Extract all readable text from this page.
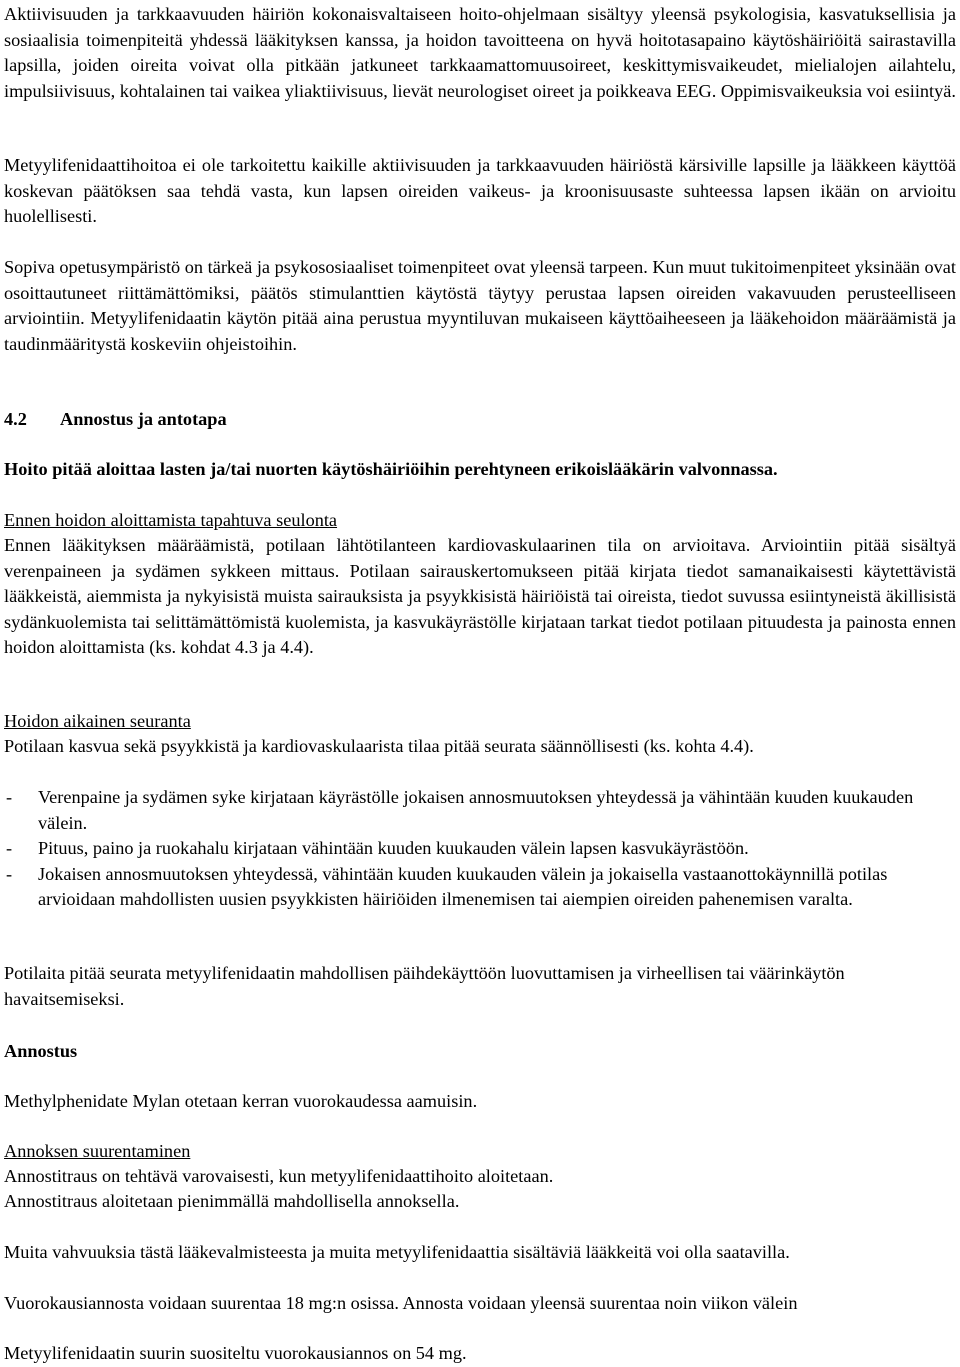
Aktiivisuuden ja tarkkaavuuden häiriön kokonaisvaltaiseen hoito-ohjelmaan sisältyy yleensä psykologisia, kasvatuksellisia ja sosiaalisia toimenpiteitä yhdessä lääkityksen kanssa, ja hoidon tavoitteena on hyvä hoitotasapaino käytöshäiriöitä sairastavilla lapsilla, joiden oireita voivat olla pitkään jatkuneet tarkkaamattomuusoireet, keskittymisvaikeudet, mielialojen ailahtelu, impulsiivisuus, kohtalainen tai vaikea yliaktiivisuus, lievät neurologiset oireet ja poikkeava EEG. Oppimisvaikeuksia voi esiintyä.

Metyylifenidaattihoitoa ei ole tarkoitettu kaikille aktiivisuuden ja tarkkaavuuden häiriöstä kärsiville lapsille ja lääkkeen käyttöä koskevan päätöksen saa tehdä vasta, kun lapsen oireiden vaikeus- ja kroonisuusaste suhteessa lapsen ikään on arvioitu huolellisesti.

Sopiva opetusympäristö on tärkeä ja psykososiaaliset toimenpiteet ovat yleensä tarpeen. Kun muut tukitoimenpiteet yksinään ovat osoittautuneet riittämättömiksi, päätös stimulanttien käytöstä täytyy perustaa lapsen oireiden vakavuuden perusteelliseen arviointiin. Metyylifenidaatin käytön pitää aina perustua myyntiluvan mukaiseen käyttöaiheeseen ja lääkehoidon määräämistä ja taudinmääritystä koskeviin ohjeistoihin.

4.2 Annostus ja antotapa

Hoito pitää aloittaa lasten ja/tai nuorten käytöshäiriöihin perehtyneen erikoislääkärin valvonnassa.

Ennen hoidon aloittamista tapahtuva seulonta

Ennen lääkityksen määräämistä, potilaan lähtötilanteen kardiovaskulaarinen tila on arvioitava. Arviointiin pitää sisältyä verenpaineen ja sydämen sykkeen mittaus. Potilaan sairauskertomukseen pitää kirjata tiedot samanaikaisesti käytettävistä lääkkeistä, aiemmista ja nykyisistä muista sairauksista ja psyykkisistä häiriöistä tai oireista, tiedot suvussa esiintyneistä äkillisistä sydänkuolemista tai selittämättömistä kuolemista, ja kasvukäyrästölle kirjataan tarkat tiedot potilaan pituudesta ja painosta ennen hoidon aloittamista (ks. kohdat 4.3 ja 4.4).

Hoidon aikainen seuranta

Potilaan kasvua sekä psyykkistä ja kardiovaskulaarista tilaa pitää seurata säännöllisesti (ks. kohta 4.4).

- Verenpaine ja sydämen syke kirjataan käyrästölle jokaisen annosmuutoksen yhteydessä ja vähintään kuuden kuukauden välein.
- Pituus, paino ja ruokahalu kirjataan vähintään kuuden kuukauden välein lapsen kasvukäyrästöön.
- Jokaisen annosmuutoksen yhteydessä, vähintään kuuden kuukauden välein ja jokaisella vastaanottokäynnillä potilas arvioidaan mahdollisten uusien psyykkisten häiriöiden ilmenemisen tai aiempien oireiden pahenemisen varalta.

Potilaita pitää seurata metyylifenidaatin mahdollisen päihdekäyttöön luovuttamisen ja virheellisen tai väärinkäytön havaitsemiseksi.

Annostus

Methylphenidate Mylan otetaan kerran vuorokaudessa aamuisin.

Annoksen suurentaminen

Annostitraus on tehtävä varovaisesti, kun metyylifenidaattihoito aloitetaan.

Annostitraus aloitetaan pienimmällä mahdollisella annoksella.

Muita vahvuuksia tästä lääkevalmisteesta ja muita metyylifenidaattia sisältäviä lääkkeitä voi olla saatavilla.

Vuorokausiannosta voidaan suurentaa 18 mg:n osissa. Annosta voidaan yleensä suurentaa noin viikon välein

Metyylifenidaatin suurin suositeltu vuorokausiannos on 54 mg.
